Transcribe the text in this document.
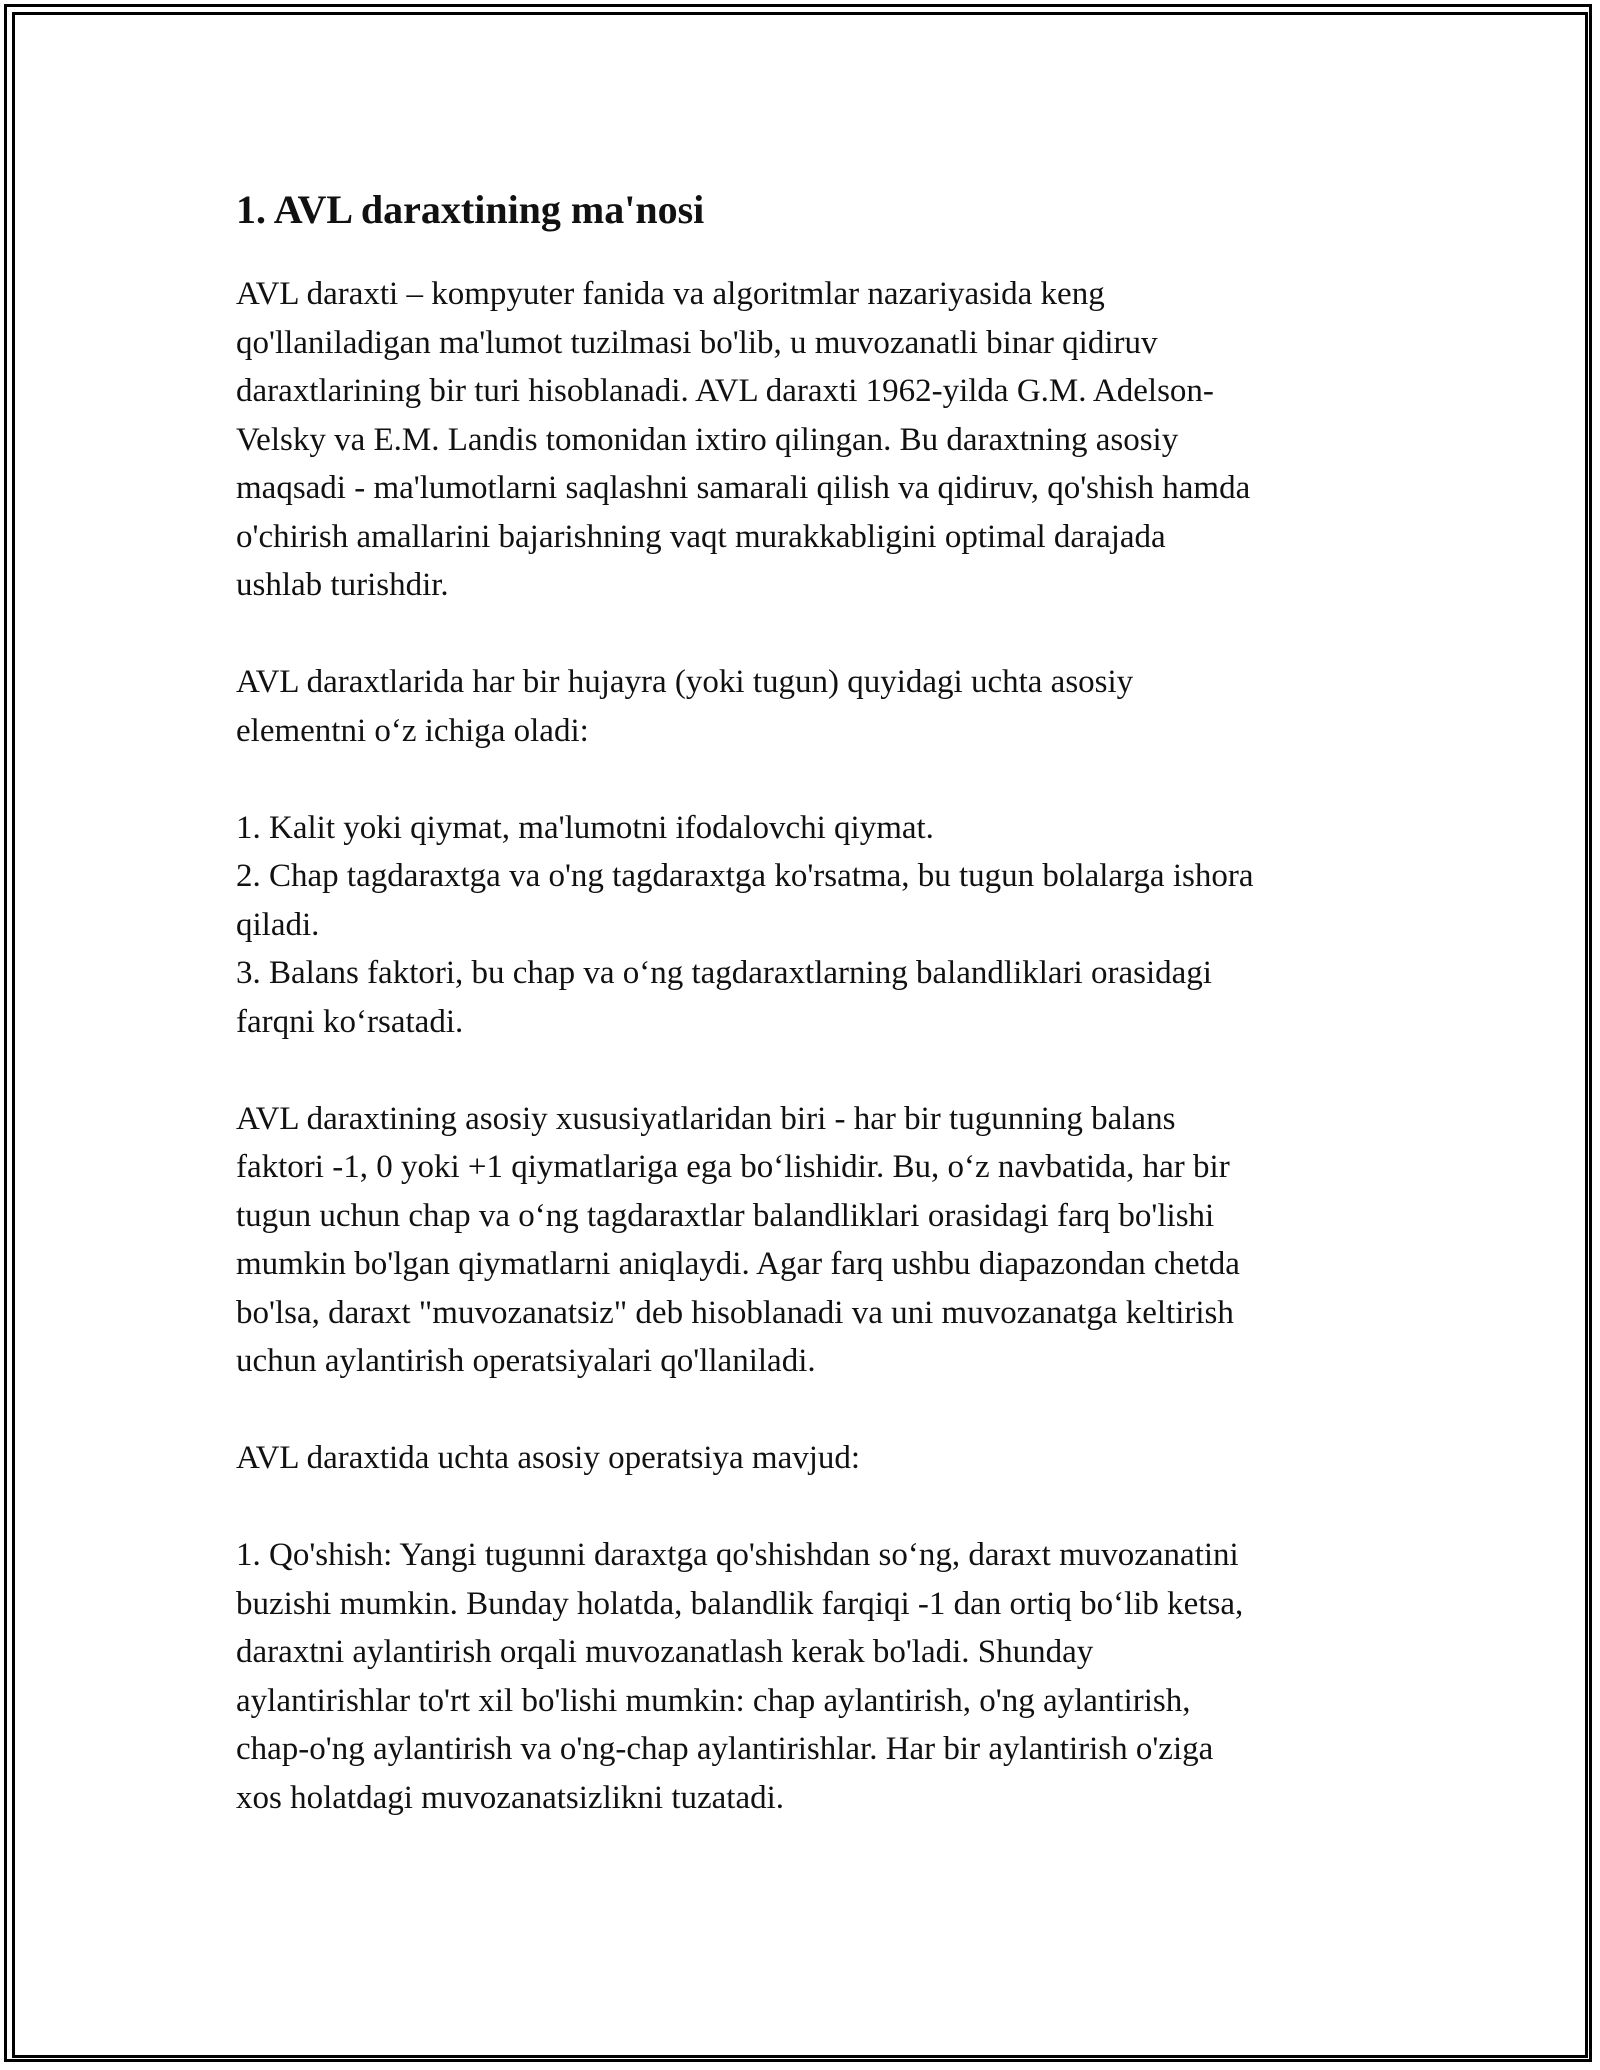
1. AVL daraxtining ma'nosi
AVL daraxti – kompyuter fanida va algoritmlar nazariyasida keng
qo'llaniladigan ma'lumot tuzilmasi bo'lib, u muvozanatli binar qidiruv
daraxtlarining bir turi hisoblanadi. AVL daraxti 1962-yilda G.M. Adelson-
Velsky va E.M. Landis tomonidan ixtiro qilingan. Bu daraxtning asosiy
maqsadi - ma'lumotlarni saqlashni samarali qilish va qidiruv, qo'shish hamda
o'chirish amallarini bajarishning vaqt murakkabligini optimal darajada
ushlab turishdir.
AVL daraxtlarida har bir hujayra (yoki tugun) quyidagi uchta asosiy
elementni o‘z ichiga oladi:
1. Kalit yoki qiymat, ma'lumotni ifodalovchi qiymat.
2. Chap tagdaraxtga va o'ng tagdaraxtga ko'rsatma, bu tugun bolalarga ishora
qiladi.
3. Balans faktori, bu chap va o‘ng tagdaraxtlarning balandliklari orasidagi
farqni ko‘rsatadi.
AVL daraxtining asosiy xususiyatlaridan biri - har bir tugunning balans
faktori -1, 0 yoki +1 qiymatlariga ega bo‘lishidir. Bu, o‘z navbatida, har bir
tugun uchun chap va o‘ng tagdaraxtlar balandliklari orasidagi farq bo'lishi
mumkin bo'lgan qiymatlarni aniqlaydi. Agar farq ushbu diapazondan chetda
bo'lsa, daraxt "muvozanatsiz" deb hisoblanadi va uni muvozanatga keltirish
uchun aylantirish operatsiyalari qo'llaniladi.
AVL daraxtida uchta asosiy operatsiya mavjud:
1. Qo'shish: Yangi tugunni daraxtga qo'shishdan so‘ng, daraxt muvozanatini
buzishi mumkin. Bunday holatda, balandlik farqiqi -1 dan ortiq bo‘lib ketsa,
daraxtni aylantirish orqali muvozanatlash kerak bo'ladi. Shunday
aylantirishlar to'rt xil bo'lishi mumkin: chap aylantirish, o'ng aylantirish,
chap-o'ng aylantirish va o'ng-chap aylantirishlar. Har bir aylantirish o'ziga
xos holatdagi muvozanatsizlikni tuzatadi.
